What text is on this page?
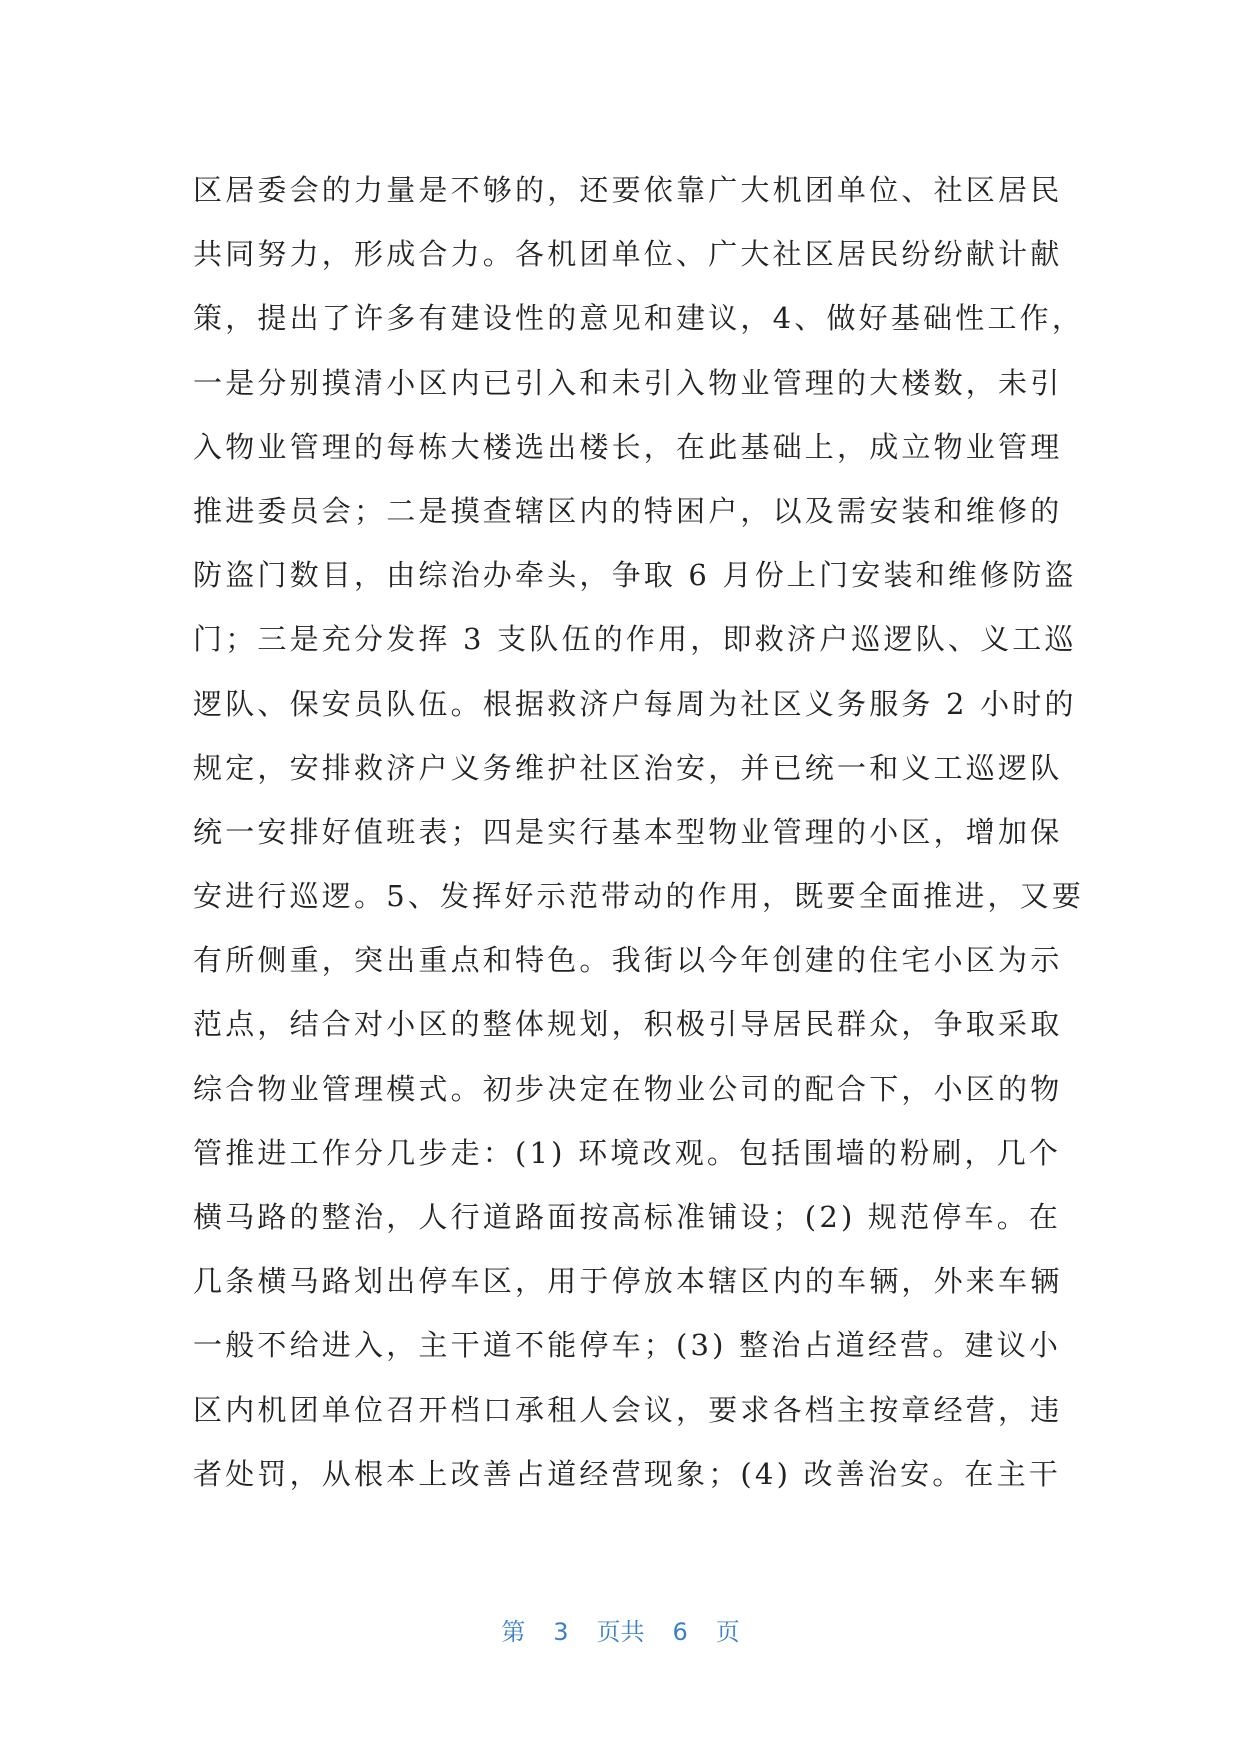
区居委会的力量是不够的，还要依靠广大机团单位、社区居民
共同努力，形成合力。各机团单位、广大社区居民纷纷献计献
策，提出了许多有建设性的意见和建议，4、做好基础性工作，
一是分别摸清小区内已引入和未引入物业管理的大楼数，未引
入物业管理的每栋大楼选出楼长，在此基础上，成立物业管理
推进委员会；二是摸查辖区内的特困户，以及需安装和维修的
防盗门数目，由综治办牵头，争取 6 月份上门安装和维修防盗
门；三是充分发挥 3 支队伍的作用，即救济户巡逻队、义工巡
逻队、保安员队伍。根据救济户每周为社区义务服务 2 小时的
规定，安排救济户义务维护社区治安，并已统一和义工巡逻队
统一安排好值班表；四是实行基本型物业管理的小区，增加保
安进行巡逻。5、发挥好示范带动的作用，既要全面推进，又要
有所侧重，突出重点和特色。我街以今年创建的住宅小区为示
范点，结合对小区的整体规划，积极引导居民群众，争取采取
综合物业管理模式。初步决定在物业公司的配合下，小区的物
管推进工作分几步走：(1) 环境改观。包括围墙的粉刷，几个
横马路的整治，人行道路面按高标准铺设；(2) 规范停车。在
几条横马路划出停车区，用于停放本辖区内的车辆，外来车辆
一般不给进入，主干道不能停车；(3) 整治占道经营。建议小
区内机团单位召开档口承租人会议，要求各档主按章经营，违
者处罚，从根本上改善占道经营现象；(4) 改善治安。在主干
第 3 页共 6 页
